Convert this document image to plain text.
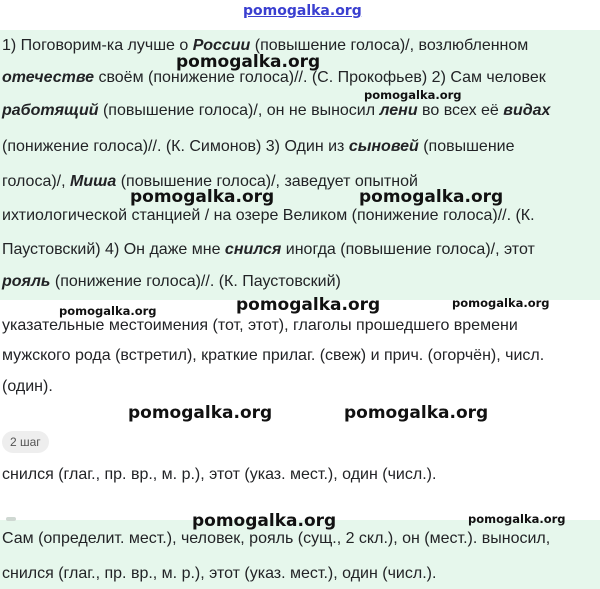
1) Поговорим-ка лучше о России (повышение голоса)/, возлюбленном
отечестве своём (понижение голоса)//. (С. Прокофьев) 2) Сам человек
работящий (повышение голоса)/, он не выносил лени во всех её видах
(понижение голоса)//. (К. Симонов) 3) Один из сыновей (повышение
голоса)/, Миша (повышение голоса)/, заведует опытной
ихтиологической станцией / на озере Великом (понижение голоса)//. (К.
Паустовский) 4) Он даже мне снился иногда (повышение голоса)/, этот
рояль (понижение голоса)//. (К. Паустовский)
указательные местоимения (тот, этот), глаголы прошедшего времени
мужского рода (встретил), краткие прилаг. (свеж) и прич. (огорчён), числ.
(один).
2 шаг
снился (глаг., пр. вр., м. р.), этот (указ. мест.), один (числ.).
Сам (определит. мест.), человек, рояль (сущ., 2 скл.), он (мест.). выносил,
снился (глаг., пр. вр., м. р.), этот (указ. мест.), один (числ.).
pomogalka.org
pomogalka.org
pomogalka.org
pomogalka.org	pomogalka.org
pomogalka.org	pomogalka.org	pomogalka.org
pomogalka.org	pomogalka.org
pomogalka.org	pomogalka.org
